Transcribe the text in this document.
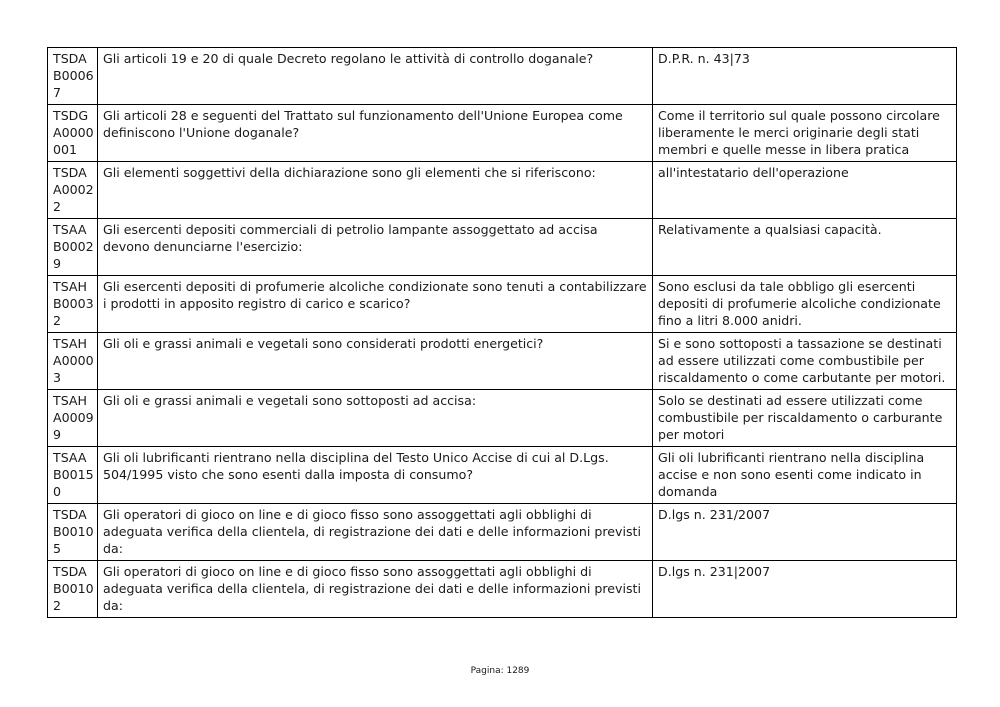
TSDA B00067	Gli articoli 19 e 20 di quale Decreto regolano le attività di controllo doganale?	D.P.R. n. 43|73
TSDG A0000001	Gli articoli 28 e seguenti del Trattato sul funzionamento dell'Unione Europea come definiscono l'Unione doganale?	Come il territorio sul quale possono circolare liberamente le merci originarie degli stati membri e quelle messe in libera pratica
TSDA A00022	Gli elementi soggettivi della dichiarazione sono gli elementi che si riferiscono:	all'intestatario dell'operazione
TSAA B00029	Gli esercenti depositi commerciali di petrolio lampante assoggettato ad accisa devono denunciarne l'esercizio:	Relativamente a qualsiasi capacità.
TSAH B00032	Gli esercenti depositi di profumerie alcoliche condizionate sono tenuti a contabilizzare i prodotti in apposito registro di carico e scarico?	Sono esclusi da tale obbligo gli esercenti depositi di profumerie alcoliche condizionate fino a litri 8.000 anidri.
TSAH A00003	Gli oli e grassi animali e vegetali sono considerati prodotti energetici?	Si e sono sottoposti a tassazione se destinati ad essere utilizzati come combustibile per riscaldamento o come carbutante per motori.
TSAH A00099	Gli oli e grassi animali e vegetali sono sottoposti ad accisa:	Solo se destinati ad essere utilizzati come combustibile per riscaldamento o carburante per motori
TSAA B00150	Gli oli lubrificanti rientrano nella disciplina del Testo Unico Accise di cui al D.Lgs. 504/1995 visto che sono esenti dalla imposta di consumo?	Gli oli lubrificanti rientrano nella disciplina accise e non sono esenti come indicato in domanda
TSDA B00105	Gli operatori di gioco on line e di gioco fisso sono assoggettati agli obblighi di adeguata verifica della clientela, di registrazione dei dati e delle informazioni previsti da:	D.lgs n. 231/2007
TSDA B00102	Gli operatori di gioco on line e di gioco fisso sono assoggettati agli obblighi di adeguata verifica della clientela, di registrazione dei dati e delle informazioni previsti da:	D.lgs n. 231|2007
Pagina: 1289
